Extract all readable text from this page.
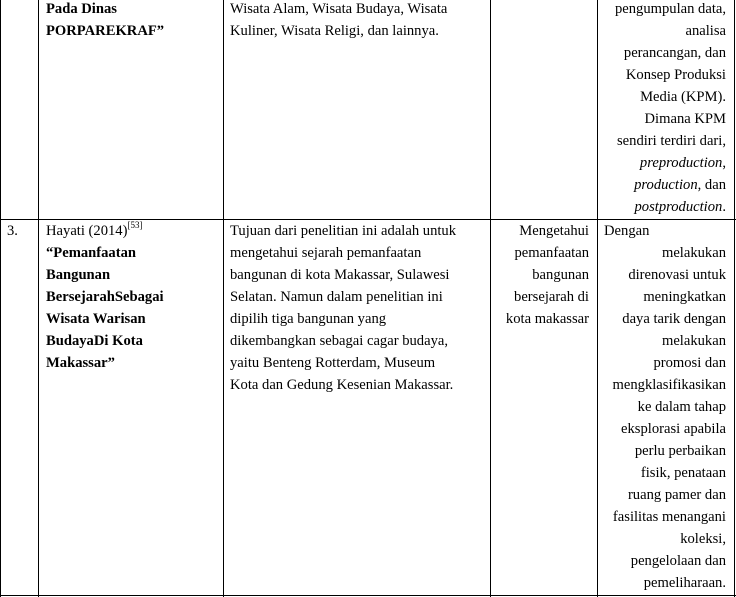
Pada Dinas
PORPAREKRAF”
Wisata Alam, Wisata Budaya, Wisata
Kuliner, Wisata Religi, dan lainnya.
pengumpulan data,
analisa
perancangan, dan
Konsep Produksi
Media (KPM).
Dimana KPM
sendiri terdiri dari,
preproduction,
production, dan
postproduction.
3. Hayati (2014)[53]
“Pemanfaatan
Bangunan
BersejarahSebagai
Wisata Warisan
BudayaDi Kota
Makassar”
Tujuan dari penelitian ini adalah untuk
mengetahui sejarah pemanfaatan
bangunan di kota Makassar, Sulawesi
Selatan. Namun dalam penelitian ini
dipilih tiga bangunan yang
dikembangkan sebagai cagar budaya,
yaitu Benteng Rotterdam, Museum
Kota dan Gedung Kesenian Makassar.
Mengetahui
pemanfaatan
bangunan
bersejarah di
kota makassar
Dengan
melakukan
direnovasi untuk
meningkatkan
daya tarik dengan
melakukan
promosi dan
mengklasifikasikan
ke dalam tahap
eksplorasi apabila
perlu perbaikan
fisik, penataan
ruang pamer dan
fasilitas menangani
koleksi,
pengelolaan dan
pemeliharaan.
